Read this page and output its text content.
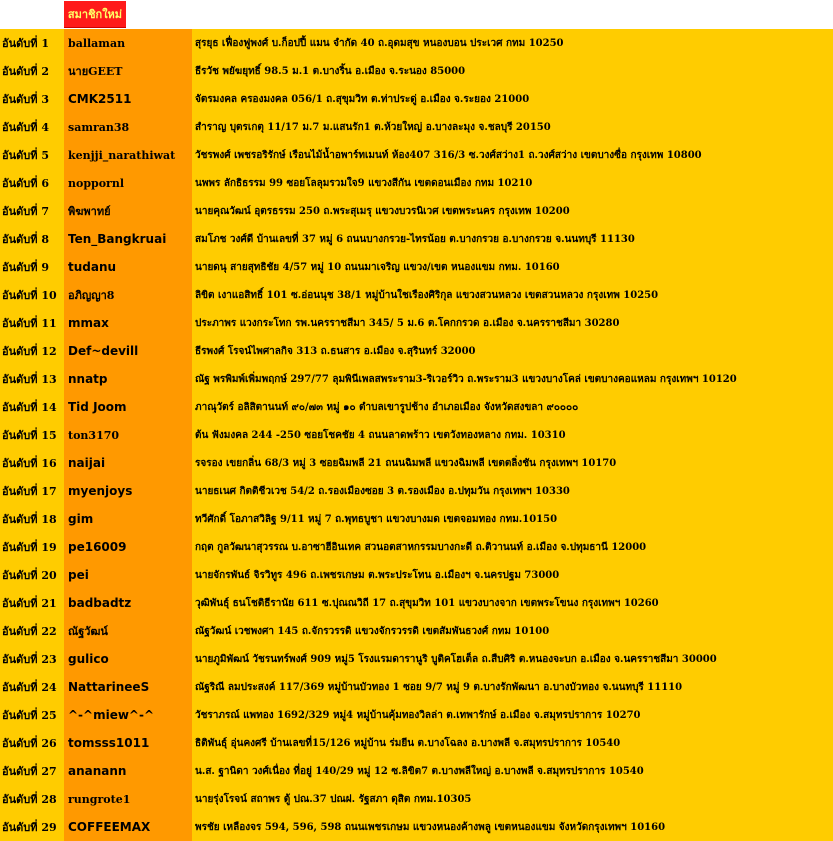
สมาชิกใหม่
อันดับที่ 1	ballaman	สุรยุธ เฟื่องฟูพงศ์ บ.ก็อปปี้ แมน จำกัด 40 ถ.อุดมสุข หนองบอน ประเวศ กทม 10250
อันดับที่ 2	นายGEET	ธีรวัช พยัฆยุทธิ์ 98.5 ม.1 ต.บางริ้น อ.เมือง จ.ระนอง 85000
อันดับที่ 3	CMK2511	จัตรมงคล ครองมงคล 056/1 ถ.สุขุมวิท ต.ท่าประดู่ อ.เมือง จ.ระยอง 21000
อันดับที่ 4	samran38	สำราญ บุตรเกตุ 11/17 ม.7 ม.แสนรัก1 ต.ห้วยใหญ่ อ.บางละมุง จ.ชลบุรี 20150
อันดับที่ 5	kenjji_narathiwat	วัชรพงศ์ เพชรอริรักษ์ เรือนไม้น้ำอพาร์ทเมนท์ ห้อง407 316/3 ซ.วงศ์สว่าง1 ถ.วงศ์สว่าง เขตบางซื่อ กรุงเทพ 10800
อันดับที่ 6	noppornl	นพพร ลักธิธรรม 99 ซอยโลลุมรวมใจ9 แขวงสีกัน เขตดอนเมือง กทม 10210
อันดับที่ 7	พิฆพาทย์	นายคุณวัฒน์ อุตรธรรม 250 ถ.พระสุเมรุ แขวงบวรนิเวศ เขตพระนคร กรุงเทพ 10200
อันดับที่ 8	Ten_Bangkruai	สมโภช วงศ์ดี บ้านเลขที่ 37 หมู่ 6 ถนนบางกรวย-ไทรน้อย ต.บางกรวย อ.บางกรวย จ.นนทบุรี 11130
อันดับที่ 9	tudanu	นายดนุ สายสุทธิชัย 4/57 หมู่ 10 ถนนมาเจริญ แขวง/เขต หนองแขม กทม. 10160
อันดับที่ 10	อภิญญา8	ลิขิต เงาแอสิทธิ์ 101 ซ.อ่อนนุช 38/1 หมู่บ้านใชเรืองศิริกุล แขวงสวนหลวง เขตสวนหลวง กรุงเทพ 10250
อันดับที่ 11 mmax	ประภาพร แวงกระโทก รพ.นครราชสีมา 345/ 5 ม.6 ต.โคกกรวด อ.เมือง จ.นครราชสีมา 30280
อันดับที่ 12 Def~devill	ธีรพงศ์ โรจน์ไพศาลกิจ 313 ถ.ธนสาร อ.เมือง จ.สุรินทร์ 32000
อันดับที่ 13 nnatp	ณัฐ พรพิมพ์เพิ่มพฤกษ์ 297/77 ลุมพินีเพลสพระราม3-ริเวอร์วิว ถ.พระราม3 แขวงบางโคล่ เขตบางคอแหลม กรุงเทพฯ 10120
อันดับที่ 14 Tid Joom	ภาณุวัตร์ อลิสิตานนท์ ๙๐/๗๓ หมู่ ๑๐ ตำบลเขารูปช้าง อำเภอเมือง จังหวัดสงขลา ๙๐๐๐๐
อันดับที่ 15	ton3170	ต้น ฟังมงคล 244 -250 ซอยโชคชัย 4 ถนนลาดพร้าว เขตวังทองหลาง กทม. 10310
อันดับที่ 16 naijai	รจรอง เขยกลิ่น 68/3 หมู่ 3 ซอยฉิมพลี 21 ถนนฉิมพลี แขวงฉิมพลี เขตตลิ่งชัน กรุงเทพฯ 10170
อันดับที่ 17 myenjoys	นายธเนศ กิตติชีวเวช 54/2 ถ.รองเมืองซอย 3 ต.รองเมือง อ.ปทุมวัน กรุงเทพฯ 10330
อันดับที่ 18 gim	ทวีศักดิ์ โอภาสวิลิฐ 9/11 หมู่ 7 ถ.พุทธบูชา แขวงบางมด เขตจอมทอง กทม.10150
อันดับที่ 19 pe16009	กฤต กูลวัฒนาสุวรรณ บ.อาซาฮีอินเทค สวนอตสาหกรรมบางกะดี ถ.ติวานนท์ อ.เมือง จ.ปทุมธานี 12000
อันดับที่ 20 pei	นายจักรพันธ์ จิรวิทูร 496 ถ.เพชรเกษม ต.พระประโทน อ.เมืองฯ จ.นครปฐม 73000
อันดับที่ 21 badbadtz	วุฒิพันธุ์ ธนโชติธีรานัย 611 ซ.ปุณณวิถี 17 ถ.สุขุมวิท 101 แขวงบางจาก เขตพระโขนง กรุงเทพฯ 10260
อันดับที่ 22	ณัฐวัฒน์	ณัฐวัฒน์ เวชพงศา 145 ถ.จักรวรรดิ แขวงจักรวรรดิ เขตสัมพันธวงศ์ กทม 10100
อันดับที่ 23 gulico	นายภูมิพัฒน์ วัชรนทร์พงศ์ 909 หมู่5 โรงแรมดารานูริ บูติคโฮเต็ล ถ.สืบศิริ ต.หนองจะบก อ.เมือง จ.นครราชสีมา 30000
อันดับที่ 24 NattarineeS	ณัฐริณี ลมประสงค์ 117/369 หมู่บ้านบัวทอง 1 ซอย 9/7 หมู่ 9 ต.บางรักพัฒนา อ.บางบัวทอง จ.นนทบุรี 11110
อันดับที่ 25 ^-^miew^-^	วัชราภรณ์ แพทอง 1692/329 หมู่4 หมู่บ้านคุ้มทองวิลล่า ต.เทพารักษ์ อ.เมือง จ.สมุทรปราการ 10270
อันดับที่ 26 tomsss1011	ธิติพันธุ์ อุ่นคงศรี บ้านเลขที่15/126 หมู่บ้าน ร่มยีน ต.บางโฉลง อ.บางพลี จ.สมุทรปราการ 10540
อันดับที่ 27 ananann	น.ส. ฐานิดา วงศ์เนื่อง ที่อยู่ 140/29 หมู่ 12 ซ.ลิขิต7 ต.บางพลีใหญ่ อ.บางพลี จ.สมุทรปราการ 10540
อันดับที่ 28	rungrote1	นายรุ่งโรจน์ สถาพร ตู้ ปณ.37 ปณฝ. รัฐสภา ดุสิต กทม.10305
อันดับที่ 29 COFFEEMAX	พรชัย เหลืองจร 594, 596, 598 ถนนเพชรเกษม แขวงหนองค้างพลู เขตหนองแขม จังหวัดกรุงเทพฯ 10160
